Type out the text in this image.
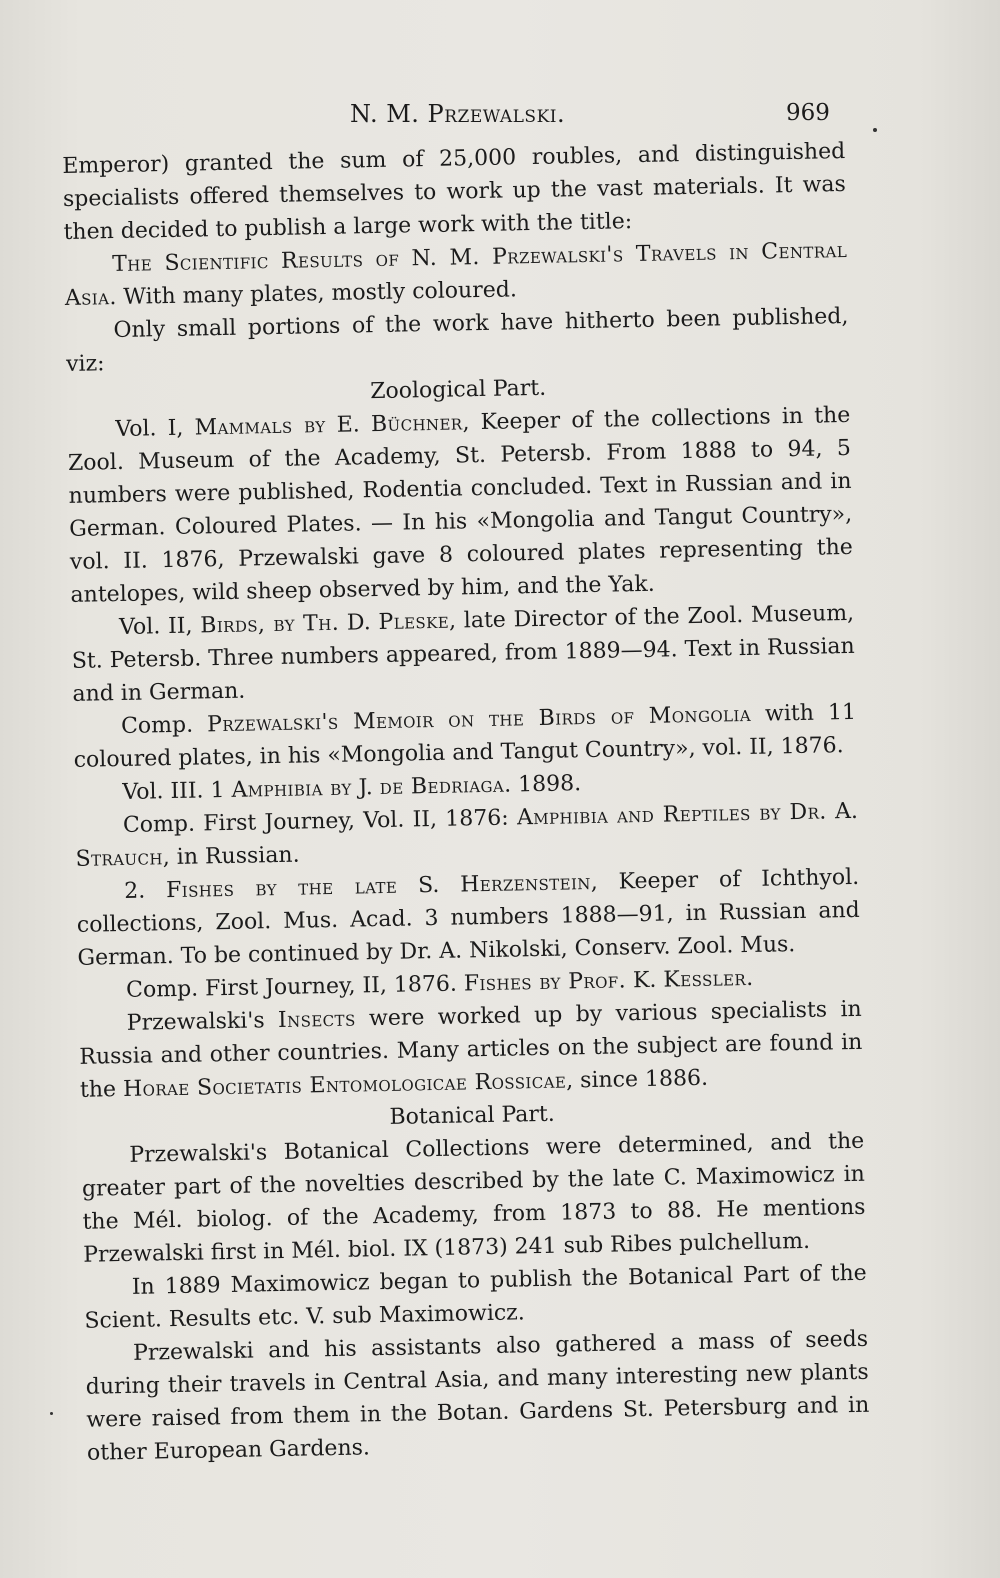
N. M. Przewalski.	969

Emperor) granted the sum of 25,000 roubles, and distinguished specialists offered themselves to work up the vast materials. It was then decided to publish a large work with the title:

The Scientific Results of N. M. Przewalski's Travels in Central Asia. With many plates, mostly coloured.

Only small portions of the work have hitherto been published, viz:

Zoological Part.

Vol. I, Mammals by E. Büchner, Keeper of the collections in the Zool. Museum of the Academy, St. Petersb. From 1888 to 94, 5 numbers were published, Rodentia concluded. Text in Russian and in German. Coloured Plates. — In his «Mongolia and Tangut Country», vol. II. 1876, Przewalski gave 8 coloured plates representing the antelopes, wild sheep observed by him, and the Yak.

Vol. II, Birds, by Th. D. Pleske, late Director of the Zool. Museum, St. Petersb. Three numbers appeared, from 1889—94. Text in Russian and in German.

Comp. Przewalski's Memoir on the Birds of Mongolia with 11 coloured plates, in his «Mongolia and Tangut Country», vol. II, 1876.

Vol. III. 1 Amphibia by J. de Bedriaga. 1898.

Comp. First Journey, Vol. II, 1876: Amphibia and Reptiles by Dr. A. Strauch, in Russian.

2. Fishes by the late S. Herzenstein, Keeper of Ichthyol. collections, Zool. Mus. Acad. 3 numbers 1888—91, in Russian and German. To be continued by Dr. A. Nikolski, Conserv. Zool. Mus.

Comp. First Journey, II, 1876. Fishes by Prof. K. Kessler.

Przewalski's Insects were worked up by various specialists in Russia and other countries. Many articles on the subject are found in the Horae Societatis Entomologicae Rossicae, since 1886.

Botanical Part.

Przewalski's Botanical Collections were determined, and the greater part of the novelties described by the late C. Maximowicz in the Mél. biolog. of the Academy, from 1873 to 88. He mentions Przewalski first in Mél. biol. IX (1873) 241 sub Ribes pulchellum.

In 1889 Maximowicz began to publish the Botanical Part of the Scient. Results etc. V. sub Maximowicz.

Przewalski and his assistants also gathered a mass of seeds during their travels in Central Asia, and many interesting new plants were raised from them in the Botan. Gardens St. Petersburg and in other European Gardens.
